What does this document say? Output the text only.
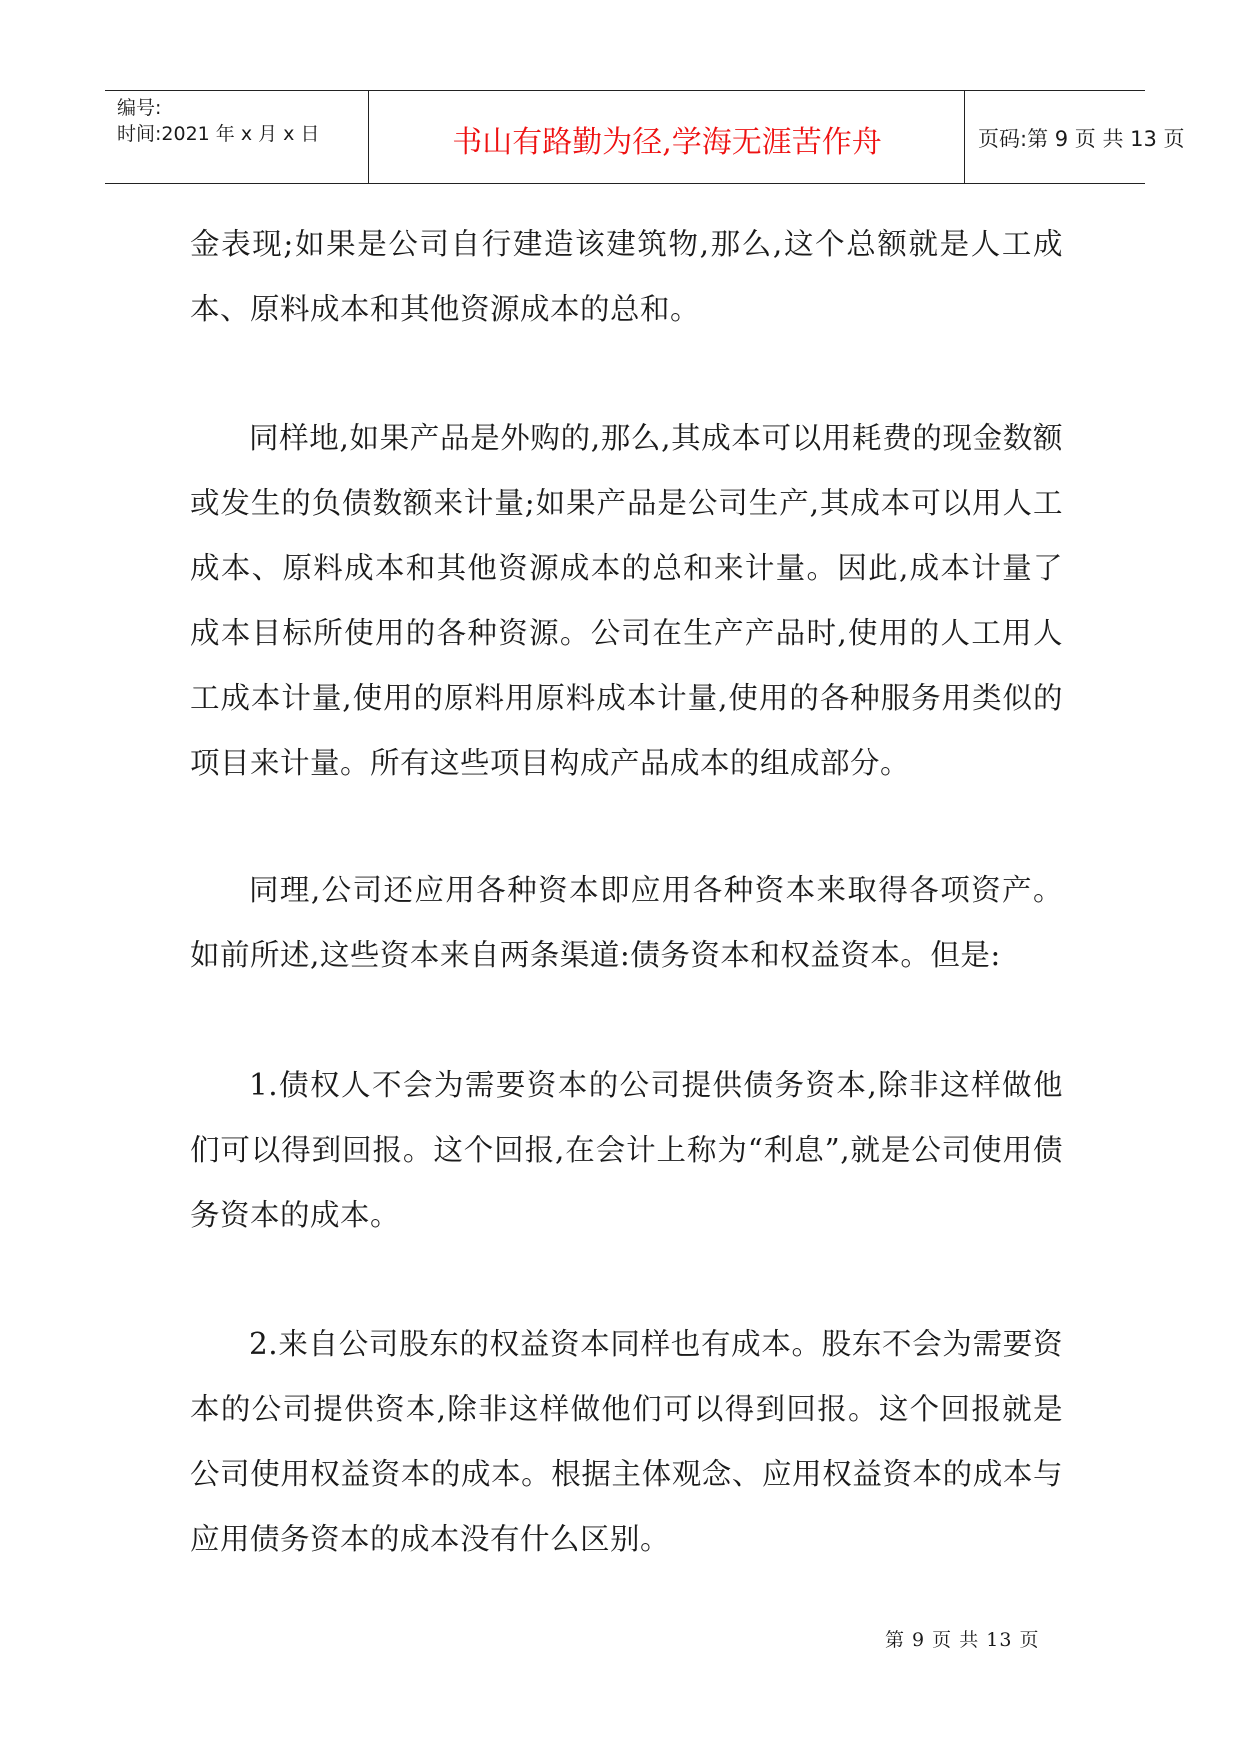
编号:
时间:2021 年 x 月 x 日	书山有路勤为径,学海无涯苦作舟	页码:第 9 页 共 13 页

金表现;如果是公司自行建造该建筑物,那么,这个总额就是人工成本、原料成本和其他资源成本的总和。

同样地,如果产品是外购的,那么,其成本可以用耗费的现金数额或发生的负债数额来计量;如果产品是公司生产,其成本可以用人工成本、原料成本和其他资源成本的总和来计量。因此,成本计量了成本目标所使用的各种资源。公司在生产产品时,使用的人工用人工成本计量,使用的原料用原料成本计量,使用的各种服务用类似的项目来计量。所有这些项目构成产品成本的组成部分。

同理,公司还应用各种资本即应用各种资本来取得各项资产。如前所述,这些资本来自两条渠道:债务资本和权益资本。但是:

1.债权人不会为需要资本的公司提供债务资本,除非这样做他们可以得到回报。这个回报,在会计上称为“利息”,就是公司使用债务资本的成本。

2.来自公司股东的权益资本同样也有成本。股东不会为需要资本的公司提供资本,除非这样做他们可以得到回报。这个回报就是公司使用权益资本的成本。根据主体观念、应用权益资本的成本与应用债务资本的成本没有什么区别。

第 9 页 共 13 页
